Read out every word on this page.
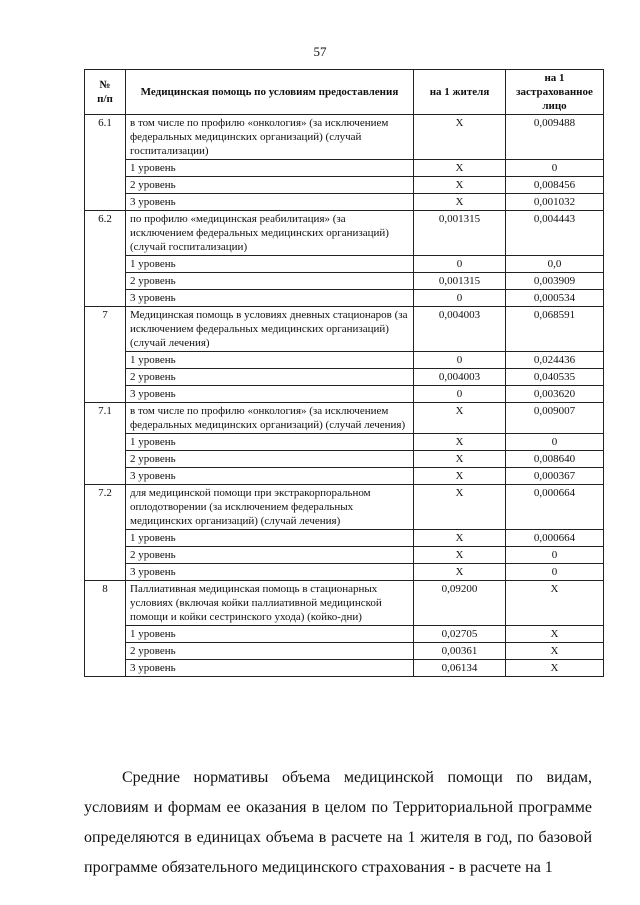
57
№
п/п	Медицинская помощь по условиям предоставления	на 1 жителя	на 1 застрахованное лицо
6.1	в том числе по профилю «онкология» (за исключением федеральных медицинских организаций) (случай госпитализации)	X	0,009488
	1 уровень	X	0
	2 уровень	X	0,008456
	3 уровень	X	0,001032
6.2	по профилю «медицинская реабилитация» (за исключением федеральных медицинских организаций) (случай госпитализации)	0,001315	0,004443
	1 уровень	0	0,0
	2 уровень	0,001315	0,003909
	3 уровень	0	0,000534
7	Медицинская помощь в условиях дневных стационаров (за исключением федеральных медицинских организаций) (случай лечения)	0,004003	0,068591
	1 уровень	0	0,024436
	2 уровень	0,004003	0,040535
	3 уровень	0	0,003620
7.1	в том числе по профилю «онкология» (за исключением федеральных медицинских организаций) (случай лечения)	X	0,009007
	1 уровень	X	0
	2 уровень	X	0,008640
	3 уровень	X	0,000367
7.2	для медицинской помощи при экстракорпоральном оплодотворении (за исключением федеральных медицинских организаций) (случай лечения)	X	0,000664
	1 уровень	X	0,000664
	2 уровень	X	0
	3 уровень	X	0
8	Паллиативная медицинская помощь в стационарных условиях (включая койки паллиативной медицинской помощи и койки сестринского ухода) (койко-дни)	0,09200	X
	1 уровень	0,02705	X
	2 уровень	0,00361	X
	3 уровень	0,06134	X

Средние нормативы объема медицинской помощи по видам, условиям и формам ее оказания в целом по Территориальной программе определяются в единицах объема в расчете на 1 жителя в год, по базовой программе обязательного медицинского страхования - в расчете на 1
